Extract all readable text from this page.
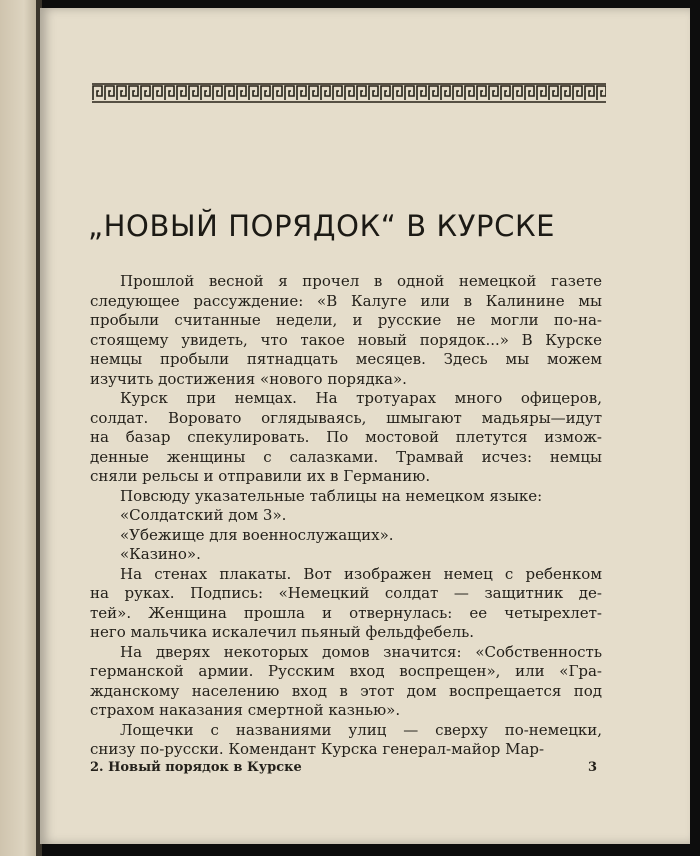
„НОВЫЙ ПОРЯДОК“ В КУРСКЕ

Прошлой весной я прочел в одной немецкой газете
следующее рассуждение: «В Калуге или в Калинине мы
пробыли считанные недели, и русские не могли по-на-
стоящему увидеть, что такое новый порядок...» В Курске
немцы пробыли пятнадцать месяцев. Здесь мы можем
изучить достижения «нового порядка».

Курск при немцах. На тротуарах много офицеров,
солдат. Воровато оглядываясь, шмыгают мадьяры—идут
на базар спекулировать. По мостовой плетутся измож-
денные женщины с салазками. Трамвай исчез: немцы
сняли рельсы и отправили их в Германию.

Повсюду указательные таблицы на немецком языке:

«Солдатский дом 3».

«Убежище для военнослужащих».

«Казино».

На стенах плакаты. Вот изображен немец с ребенком
на руках. Подпись: «Немецкий солдат — защитник де-
тей». Женщина прошла и отвернулась: ее четырехлет-
него мальчика искалечил пьяный фельдфебель.

На дверях некоторых домов значится: «Собственность
германской армии. Русским вход воспрещен», или «Гра-
жданскому населению вход в этот дом воспрещается под
страхом наказания смертной казнью».

Лощечки с названиями улиц — сверху по-немецки,
снизу по-русски. Комендант Курска генерал-майор Мар-

2. Новый порядок в Курске	3
